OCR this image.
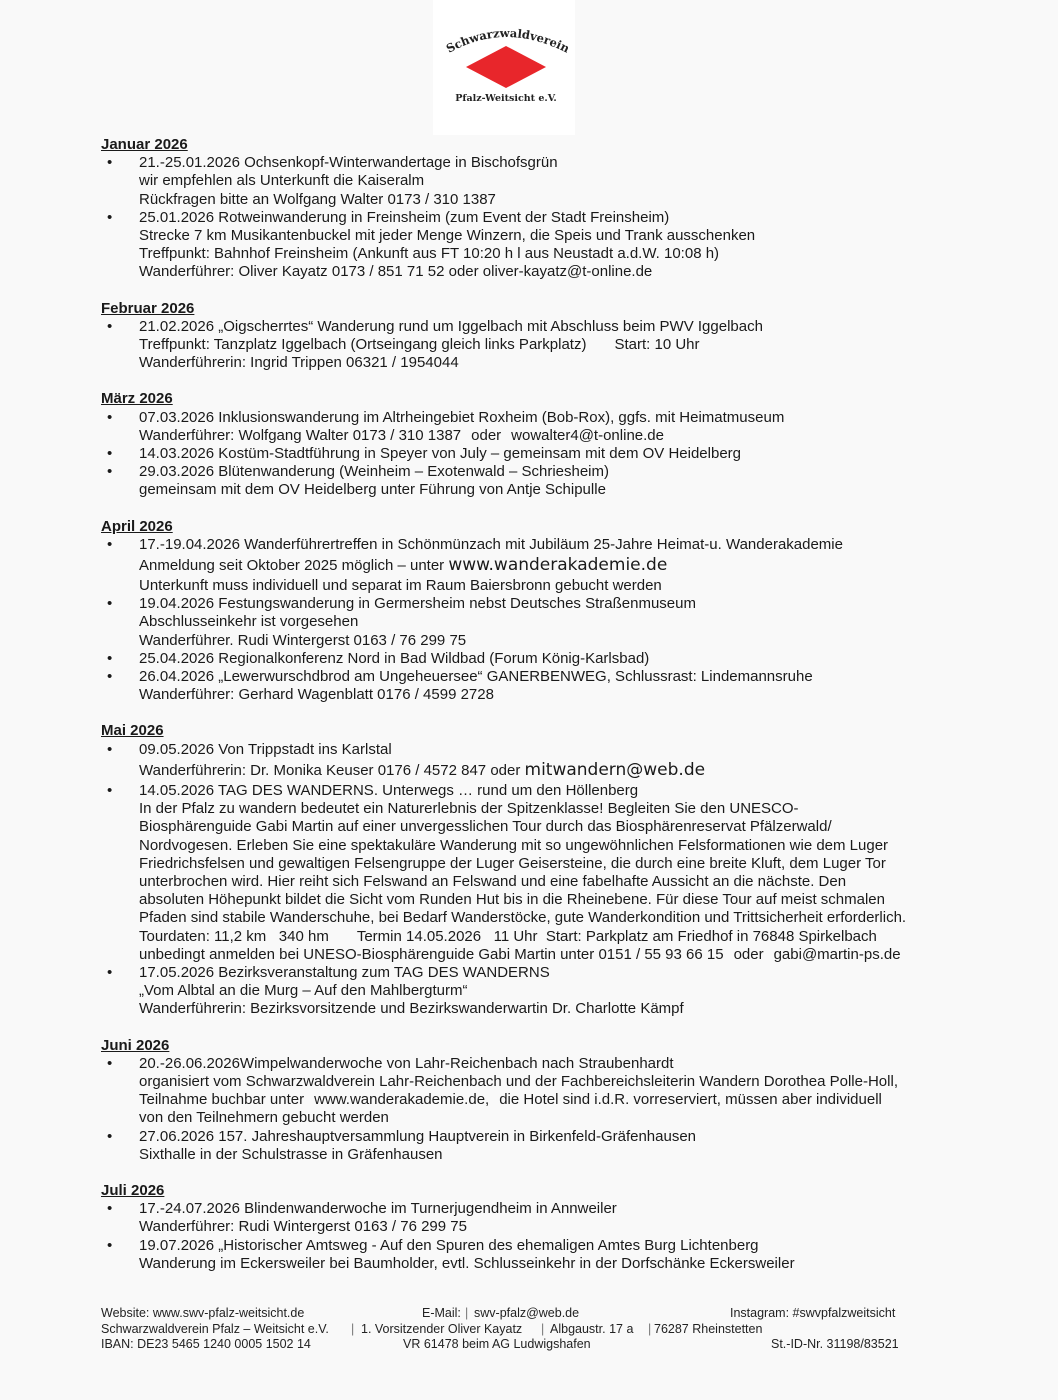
Schwarzwaldverein
Pfalz-Weitsicht e.V.
Januar 2026
• 21.-25.01.2026 Ochsenkopf-Winterwandertage in Bischofsgrün
wir empfehlen als Unterkunft die Kaiseralm
Rückfragen bitte an Wolfgang Walter 0173 / 310 1387
• 25.01.2026 Rotweinwanderung in Freinsheim (zum Event der Stadt Freinsheim)
Strecke 7 km Musikantenbuckel mit jeder Menge Winzern, die Speis und Trank ausschenken
Treffpunkt: Bahnhof Freinsheim (Ankunft aus FT 10:20 h l aus Neustadt a.d.W. 10:08 h)
Wanderführer: Oliver Kayatz 0173 / 851 71 52 oder oliver-kayatz@t-online.de
Februar 2026
• 21.02.2026 „Oigscherrtes“ Wanderung rund um Iggelbach mit Abschluss beim PWV Iggelbach
Treffpunkt: Tanzplatz Iggelbach (Ortseingang gleich links Parkplatz) Start: 10 Uhr
Wanderführerin: Ingrid Trippen 06321 / 1954044
März 2026
• 07.03.2026 Inklusionswanderung im Altrheingebiet Roxheim (Bob-Rox), ggfs. mit Heimatmuseum
Wanderführer: Wolfgang Walter 0173 / 310 1387 oder wowalter4@t-online.de
• 14.03.2026 Kostüm-Stadtführung in Speyer von July – gemeinsam mit dem OV Heidelberg
• 29.03.2026 Blütenwanderung (Weinheim – Exotenwald – Schriesheim)
gemeinsam mit dem OV Heidelberg unter Führung von Antje Schipulle
April 2026
• 17.-19.04.2026 Wanderführertreffen in Schönmünzach mit Jubiläum 25-Jahre Heimat-u. Wanderakademie
Anmeldung seit Oktober 2025 möglich – unter www.wanderakademie.de
Unterkunft muss individuell und separat im Raum Baiersbronn gebucht werden
• 19.04.2026 Festungswanderung in Germersheim nebst Deutsches Straßenmuseum
Abschlusseinkehr ist vorgesehen
Wanderführer. Rudi Wintergerst 0163 / 76 299 75
• 25.04.2026 Regionalkonferenz Nord in Bad Wildbad (Forum König-Karlsbad)
• 26.04.2026 „Lewerwurschdbrod am Ungeheuersee“ GANERBENWEG, Schlussrast: Lindemannsruhe
Wanderführer: Gerhard Wagenblatt 0176 / 4599 2728
Mai 2026
• 09.05.2026 Von Trippstadt ins Karlstal
Wanderführerin: Dr. Monika Keuser 0176 / 4572 847 oder mitwandern@web.de
• 14.05.2026 TAG DES WANDERNS. Unterwegs … rund um den Höllenberg
In der Pfalz zu wandern bedeutet ein Naturerlebnis der Spitzenklasse! Begleiten Sie den UNESCO-
Biosphärenguide Gabi Martin auf einer unvergesslichen Tour durch das Biosphärenreservat Pfälzerwald/
Nordvogesen. Erleben Sie eine spektakuläre Wanderung mit so ungewöhnlichen Felsformationen wie dem Luger
Friedrichsfelsen und gewaltigen Felsengruppe der Luger Geisersteine, die durch eine breite Kluft, dem Luger Tor
unterbrochen wird. Hier reiht sich Felswand an Felswand und eine fabelhafte Aussicht an die nächste. Den
absoluten Höhepunkt bildet die Sicht vom Runden Hut bis in die Rheinebene. Für diese Tour auf meist schmalen
Pfaden sind stabile Wanderschuhe, bei Bedarf Wanderstöcke, gute Wanderkondition und Trittsicherheit erforderlich.
Tourdaten: 11,2 km   340 hm Termin 14.05.2026   11 Uhr  Start: Parkplatz am Friedhof in 76848 Spirkelbach
unbedingt anmelden bei UNESO-Biosphärenguide Gabi Martin unter 0151 / 55 93 66 15 oder gabi@martin-ps.de
• 17.05.2026 Bezirksveranstaltung zum TAG DES WANDERNS
„Vom Albtal an die Murg – Auf den Mahlbergturm“
Wanderführerin: Bezirksvorsitzende und Bezirkswanderwartin Dr. Charlotte Kämpf
Juni 2026
• 20.-26.06.2026Wimpelwanderwoche von Lahr-Reichenbach nach Straubenhardt
organisiert vom Schwarzwaldverein Lahr-Reichenbach und der Fachbereichsleiterin Wandern Dorothea Polle-Holl,
Teilnahme buchbar unter www.wanderakademie.de, die Hotel sind i.d.R. vorreserviert, müssen aber individuell
von den Teilnehmern gebucht werden
• 27.06.2026 157. Jahreshauptversammlung Hauptverein in Birkenfeld-Gräfenhausen
Sixthalle in der Schulstrasse in Gräfenhausen
Juli 2026
• 17.-24.07.2026 Blindenwanderwoche im Turnerjugendheim in Annweiler
Wanderführer: Rudi Wintergerst 0163 / 76 299 75
• 19.07.2026 „Historischer Amtsweg - Auf den Spuren des ehemaligen Amtes Burg Lichtenberg
Wanderung im Eckersweiler bei Baumholder, evtl. Schlusseinkehr in der Dorfschänke Eckersweiler
Website: www.swv-pfalz-weitsicht.de	E-Mail: | swv-pfalz@web.de	Instagram: #swvpfalzweitsicht
Schwarzwaldverein Pfalz – Weitsicht e.V. | 1. Vorsitzender Oliver Kayatz | Albgaustr. 17 a | 76287 Rheinstetten
IBAN: DE23 5465 1240 0005 1502 14	VR 61478 beim AG Ludwigshafen	St.-ID-Nr. 31198/83521
